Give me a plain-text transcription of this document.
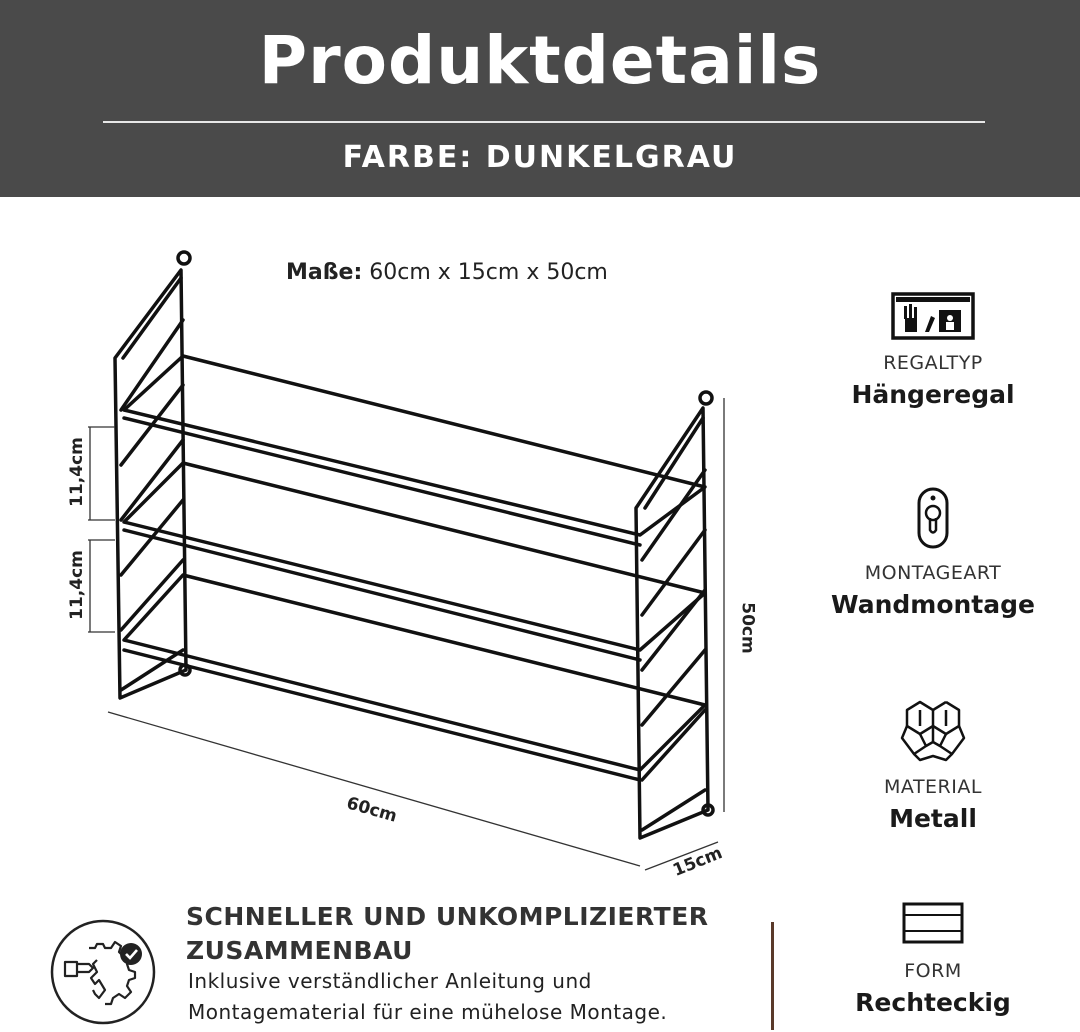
Produktdetails
FARBE: DUNKELGRAU
Maße: 60cm x 15cm x 50cm
11,4cm
11,4cm
50cm
60cm
15cm
REGALTYP
Hängeregal
MONTAGEART
Wandmontage
MATERIAL
Metall
FORM
Rechteckig
SCHNELLER UND UNKOMPLIZIERTER ZUSAMMENBAU
Inklusive verständlicher Anleitung und Montagematerial für eine mühelose Montage.
